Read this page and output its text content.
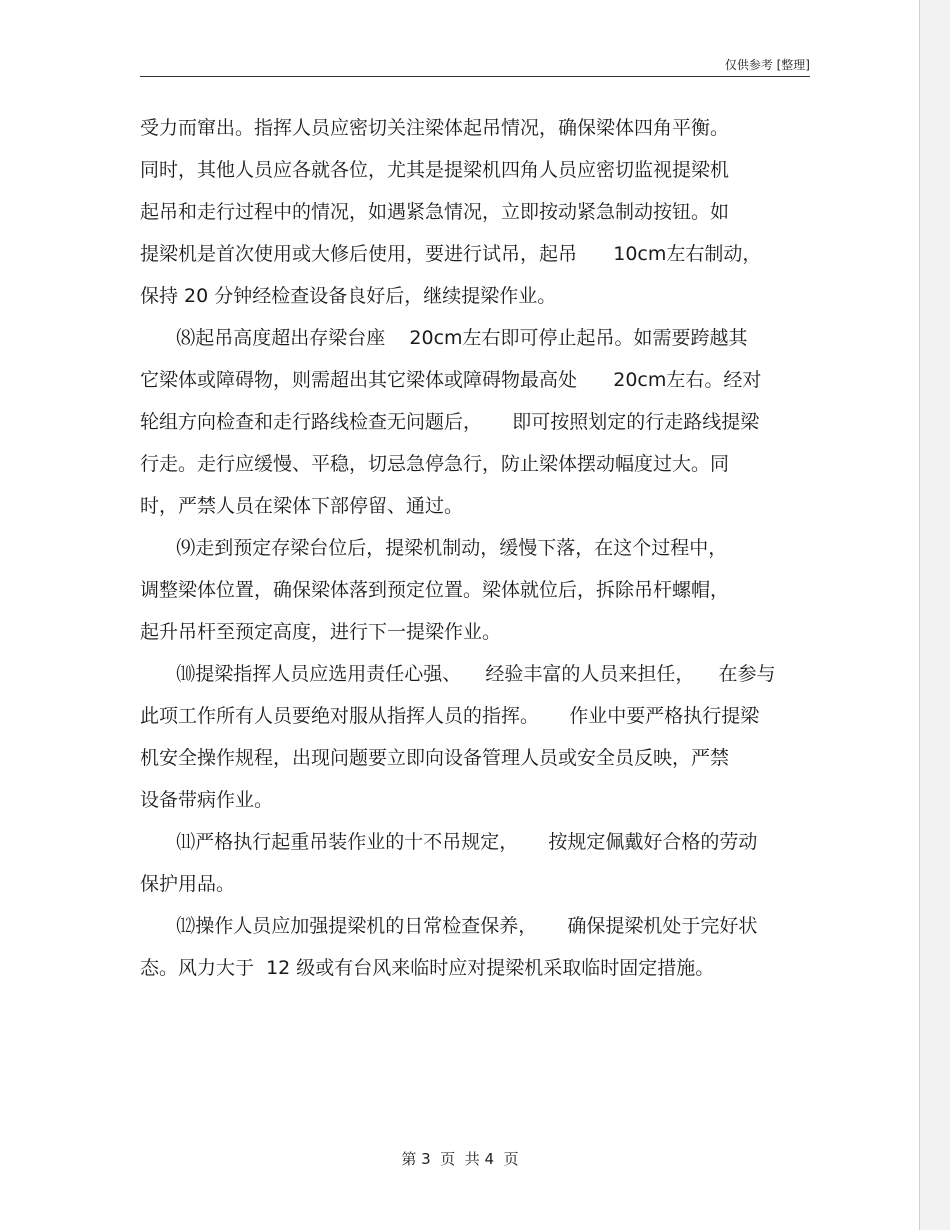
仅供参考 [整理]
受力而窜出。指挥人员应密切关注梁体起吊情况，确保梁体四角平衡。
同时，其他人员应各就各位，尤其是提梁机四角人员应密切监视提梁机
起吊和走行过程中的情况，如遇紧急情况，立即按动紧急制动按钮。如
提梁机是首次使用或大修后使用，要进行试吊，起吊      10cm左右制动，
保持 20 分钟经检查设备良好后，继续提梁作业。
⑻起吊高度超出存梁台座    20cm左右即可停止起吊。如需要跨越其
它梁体或障碍物，则需超出其它梁体或障碍物最高处      20cm左右。经对
轮组方向检查和走行路线检查无问题后，     即可按照划定的行走路线提梁
行走。走行应缓慢、平稳，切忌急停急行，防止梁体摆动幅度过大。同
时，严禁人员在梁体下部停留、通过。
⑼走到预定存梁台位后，提梁机制动，缓慢下落，在这个过程中，
调整梁体位置，确保梁体落到预定位置。梁体就位后，拆除吊杆螺帽，
起升吊杆至预定高度，进行下一提梁作业。
⑽提梁指挥人员应选用责任心强、    经验丰富的人员来担任，    在参与
此项工作所有人员要绝对服从指挥人员的指挥。     作业中要严格执行提梁
机安全操作规程，出现问题要立即向设备管理人员或安全员反映，严禁
设备带病作业。
⑾严格执行起重吊装作业的十不吊规定，     按规定佩戴好合格的劳动
保护用品。
⑿操作人员应加强提梁机的日常检查保养，     确保提梁机处于完好状
态。风力大于  12 级或有台风来临时应对提梁机采取临时固定措施。
第 3  页  共 4  页
